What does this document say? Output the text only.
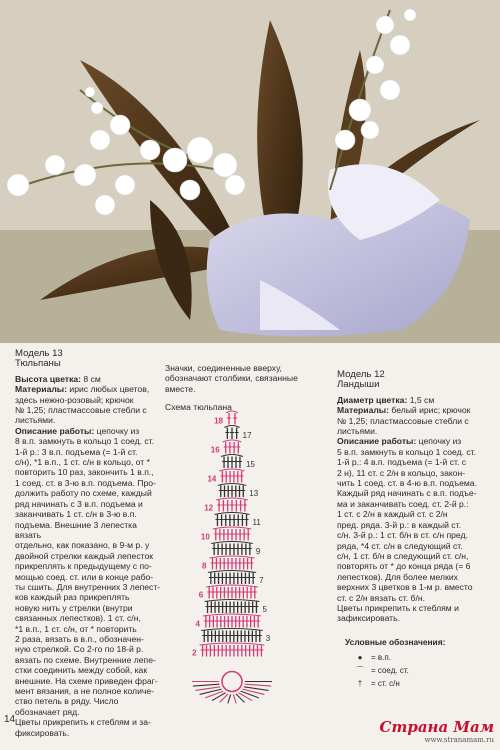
Модель 13

Тюльпаны

Высота цветка: 8 см

Материалы: ирис любых цветов,

здесь нежно-розовый; крючок

№ 1,25; пластмассовые стебли с

листьями.

Описание работы: цепочку из

8 в.п. замкнуть в кольцо 1 соед. ст.

1-й р.: 3 в.п. подъема (= 1-й ст.

с/н), *1 в.п., 1 ст. с/н в кольцо, от *

повторить 10 раз, закончить 1 в.п.,

1 соед. ст. в 3-ю в.п. подъема. Про-

должить работу по схеме, каждый

ряд начинать с 3 в.п. подъема и

заканчивать 1 ст. с/н в 3-ю в.п.

подъема. Внешние 3 лепестка вязать

отдельно, как показано, в 9-м р. у

двойной стрелки каждый лепесток

прикреплять к предыдущему с по-

мощью соед. ст. или в конце рабо-

ты сшить. Для внутренних 3 лепест-

ков каждый раз прикреплять

новую нить у стрелки (внутри

связанных лепестков). 1 ст. с/н,

*1 в.п., 1 ст. с/н, от * повторить

2 раза, вязать в в.п., обозначен-

ную стрелкой. Со 2-го по 18-й р.

вязать по схеме. Внутренние лепе-

стки соединить между собой, как

внешние. На схеме приведен фраг-

мент вязания, а не полное количе-

ство петель в ряду. Число обозначает ряд.

Цветы прикрепить к стеблям и за-

фиксировать.

Значки, соединенные вверху,

обозначают столбики, связанные

вместе.

Схема тюльпана

18
17
16
15
14
13
12
11
10
9
8
7
6
5
4
3
2

Модель 12

Ландыши

Диаметр цветка: 1,5 см

Материалы: белый ирис; крючок

№ 1,25; пластмассовые стебли с

листьями.

Описание работы: цепочку из

5 в.п. замкнуть в кольцо 1 соед. ст.

1-й р.: 4 в.п. подъема (= 1-й ст. с

2 н), 11 ст. с 2/н в кольцо, закон-

чить 1 соед. ст. в 4-ю в.п. подъема.

Каждый ряд начинать с в.п. подъе-

ма и заканчивать соед. ст. 2-й р.:

1 ст. с 2/н в каждый ст. с 2/н

пред. ряда. 3-й р.: в каждый ст.

с/н. 3-й р.: 1 ст. б/н в ст. с/н пред.

ряда, *4 ст. с/н в следующий ст.

с/н, 1 ст. б/н в следующий ст. с/н,

повторять от * до конца ряда (= 6

лепестков). Для более мелких

верхних 3 цветков в 1-м р. вместо

ст. с 2/н вязать ст. б/н.

Цветы прикрепить к стеблям и

зафиксировать.

Условные обозначения:
●	= в.п.
⌒ = соед. ст.
†	= ст. с/н
14	Страна Мам
www.stranamam.ru
